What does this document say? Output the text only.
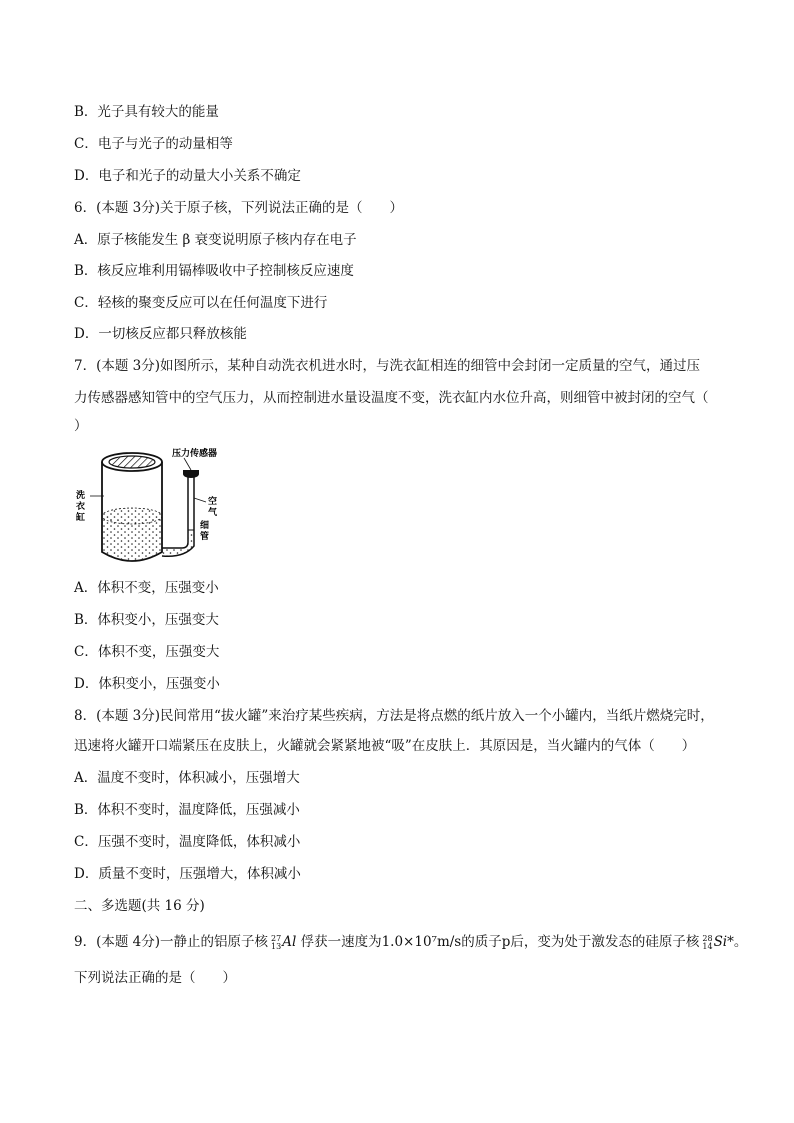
B．光子具有较大的能量
C．电子与光子的动量相等
D．电子和光子的动量大小关系不确定
6．(本题 3分)关于原子核，下列说法正确的是（　　）
A．原子核能发生 β 衰变说明原子核内存在电子
B．核反应堆利用镉棒吸收中子控制核反应速度
C．轻核的聚变反应可以在任何温度下进行
D．一切核反应都只释放核能
7．(本题 3分)如图所示，某种自动洗衣机进水时，与洗衣缸相连的细管中会封闭一定质量的空气，通过压
力传感器感知管中的空气压力，从而控制进水量设温度不变，洗衣缸内水位升高，则细管中被封闭的空气（
）
压力传感器
洗 衣缸
空 气
细 管
A．体积不变，压强变小
B．体积变小，压强变大
C．体积不变，压强变大
D．体积变小，压强变小
8．(本题 3分)民间常用“拔火罐”来治疗某些疾病，方法是将点燃的纸片放入一个小罐内，当纸片燃烧完时，
迅速将火罐开口端紧压在皮肤上，火罐就会紧紧地被“吸”在皮肤上．其原因是，当火罐内的气体（　　）
A．温度不变时，体积减小，压强增大
B．体积不变时，温度降低，压强减小
C．压强不变时，温度降低，体积减小
D．质量不变时，压强增大，体积减小
二、多选题(共 16 分)
9．(本题 4分)一静止的铝原子核 27
13Al 俘获一速度为1.0×10⁷m/s的质子p后，变为处于激发态的硅原子核 28
14Si*。
下列说法正确的是（　　）
